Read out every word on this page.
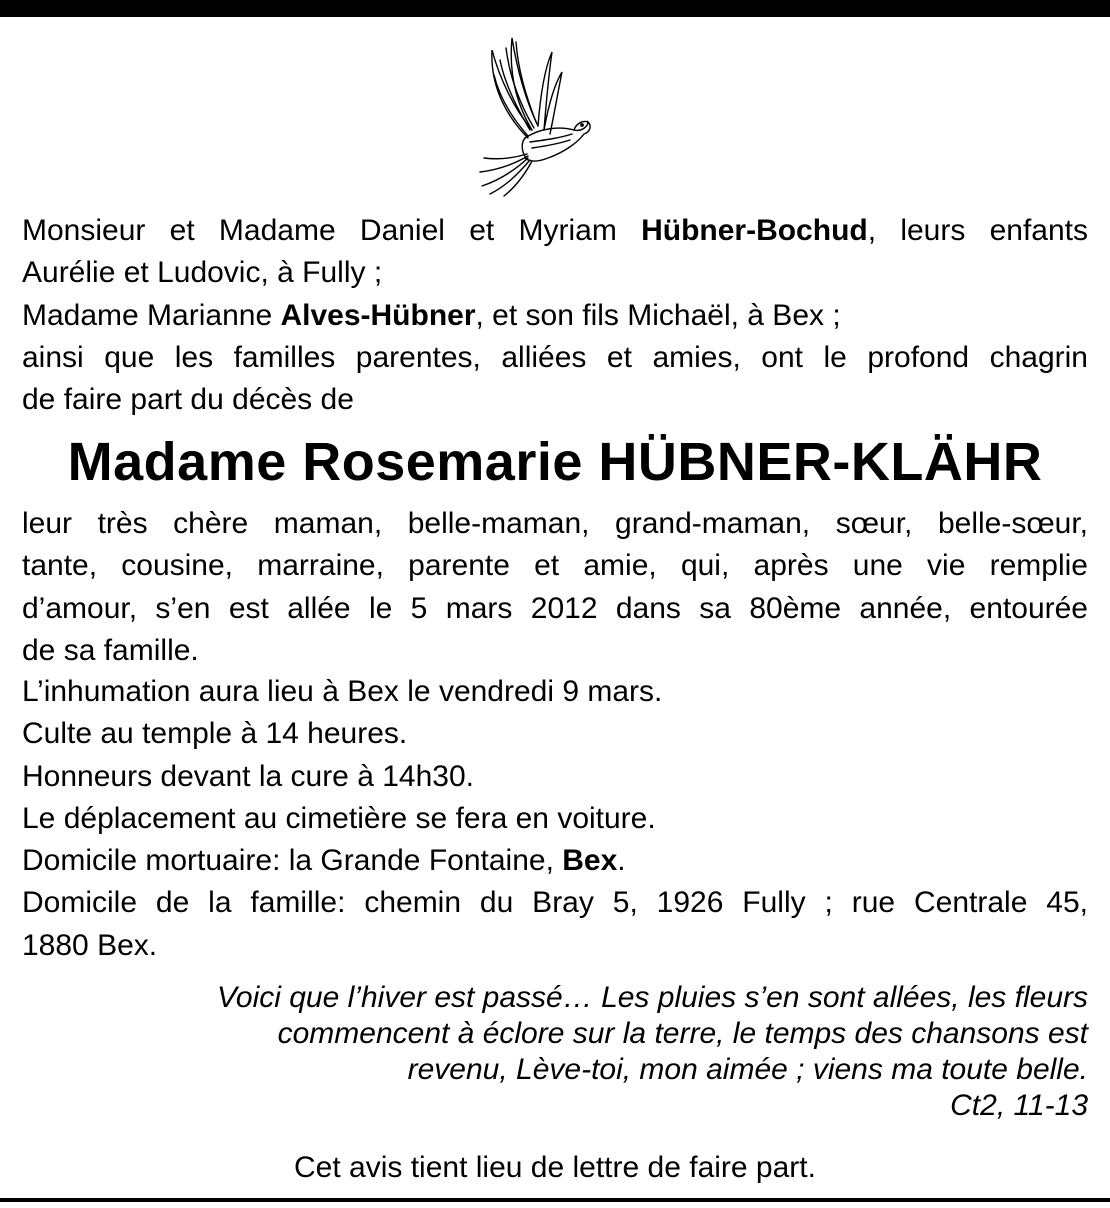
Monsieur et Madame Daniel et Myriam Hübner-Bochud, leurs enfants
Aurélie et Ludovic, à Fully ;
Madame Marianne Alves-Hübner, et son fils Michaël, à Bex ;
ainsi que les familles parentes, alliées et amies, ont le profond chagrin
de faire part du décès de
Madame Rosemarie HÜBNER-KLÄHR
leur très chère maman, belle-maman, grand-maman, sœur, belle-sœur,
tante, cousine, marraine, parente et amie, qui, après une vie remplie
d’amour, s’en est allée le 5 mars 2012 dans sa 80ème année, entourée
de sa famille.
L’inhumation aura lieu à Bex le vendredi 9 mars.
Culte au temple à 14 heures.
Honneurs devant la cure à 14h30.
Le déplacement au cimetière se fera en voiture.
Domicile mortuaire: la Grande Fontaine, Bex.
Domicile de la famille: chemin du Bray 5, 1926 Fully ; rue Centrale 45,
1880 Bex.
Voici que l’hiver est passé… Les pluies s’en sont allées, les fleurs
commencent à éclore sur la terre, le temps des chansons est
revenu, Lève-toi, mon aimée ; viens ma toute belle.
Ct2, 11-13
Cet avis tient lieu de lettre de faire part.
